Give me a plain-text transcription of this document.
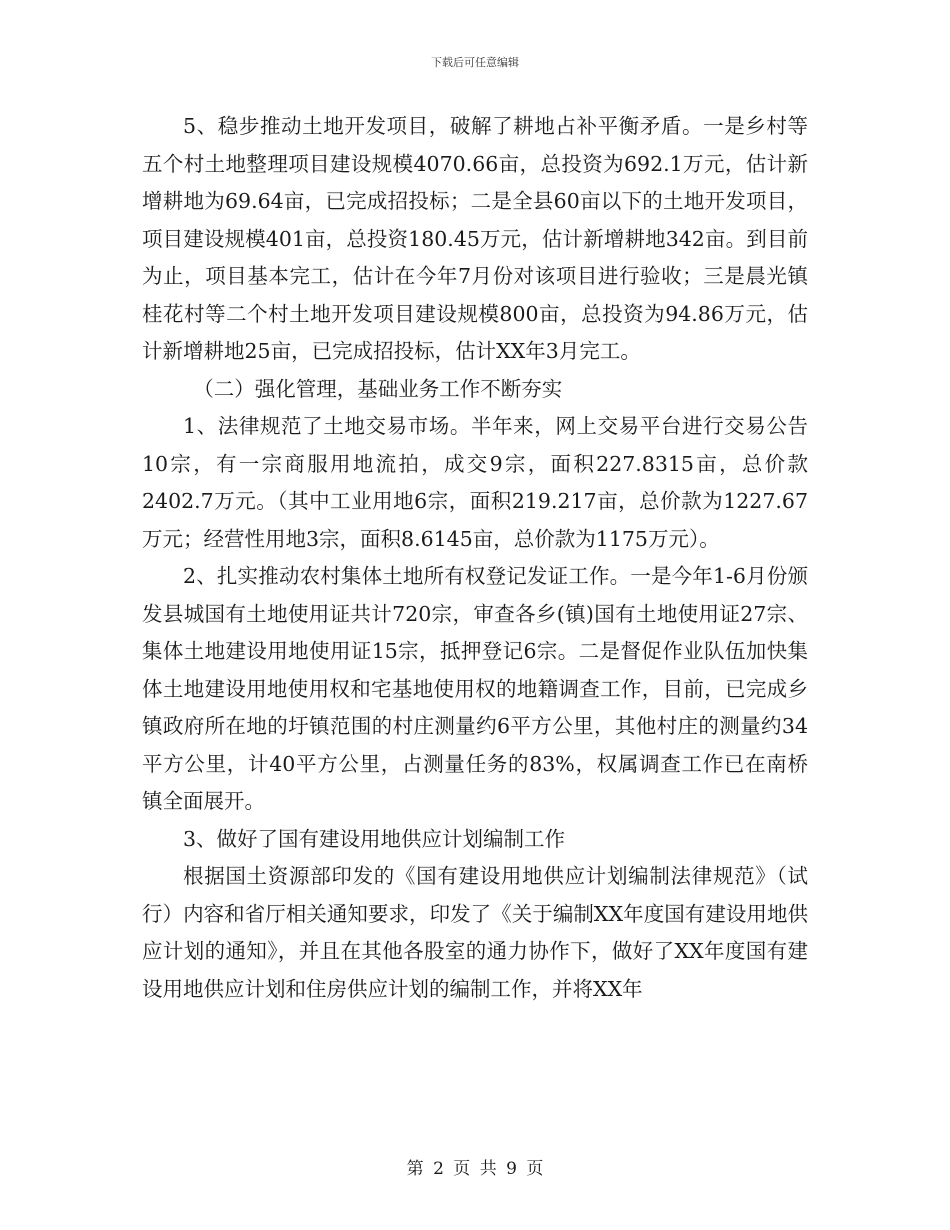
下载后可任意编辑

5、稳步推动土地开发项目，破解了耕地占补平衡矛盾。一是乡村等五个村土地整理项目建设规模4070.66亩，总投资为692.1万元，估计新增耕地为69.64亩，已完成招投标；二是全县60亩以下的土地开发项目，项目建设规模401亩，总投资180.45万元，估计新增耕地342亩。到目前为止，项目基本完工，估计在今年7月份对该项目进行验收；三是晨光镇桂花村等二个村土地开发项目建设规模800亩，总投资为94.86万元，估计新增耕地25亩，已完成招投标，估计XX年3月完工。

（二）强化管理，基础业务工作不断夯实

1、法律规范了土地交易市场。半年来，网上交易平台进行交易公告10宗，有一宗商服用地流拍，成交9宗，面积227.8315亩，总价款2402.7万元。（其中工业用地6宗，面积219.217亩，总价款为1227.67万元；经营性用地3宗，面积8.6145亩，总价款为1175万元）。

2、扎实推动农村集体土地所有权登记发证工作。一是今年1-6月份颁发县城国有土地使用证共计720宗，审查各乡(镇)国有土地使用证27宗、集体土地建设用地使用证15宗，抵押登记6宗。二是督促作业队伍加快集体土地建设用地使用权和宅基地使用权的地籍调查工作，目前，已完成乡镇政府所在地的圩镇范围的村庄测量约6平方公里，其他村庄的测量约34平方公里，计40平方公里，占测量任务的83%，权属调查工作已在南桥镇全面展开。

3、做好了国有建设用地供应计划编制工作

根据国土资源部印发的《国有建设用地供应计划编制法律规范》（试行）内容和省厅相关通知要求，印发了《关于编制XX年度国有建设用地供应计划的通知》，并且在其他各股室的通力协作下，做好了XX年度国有建设用地供应计划和住房供应计划的编制工作，并将XX年

第 2 页 共 9 页
